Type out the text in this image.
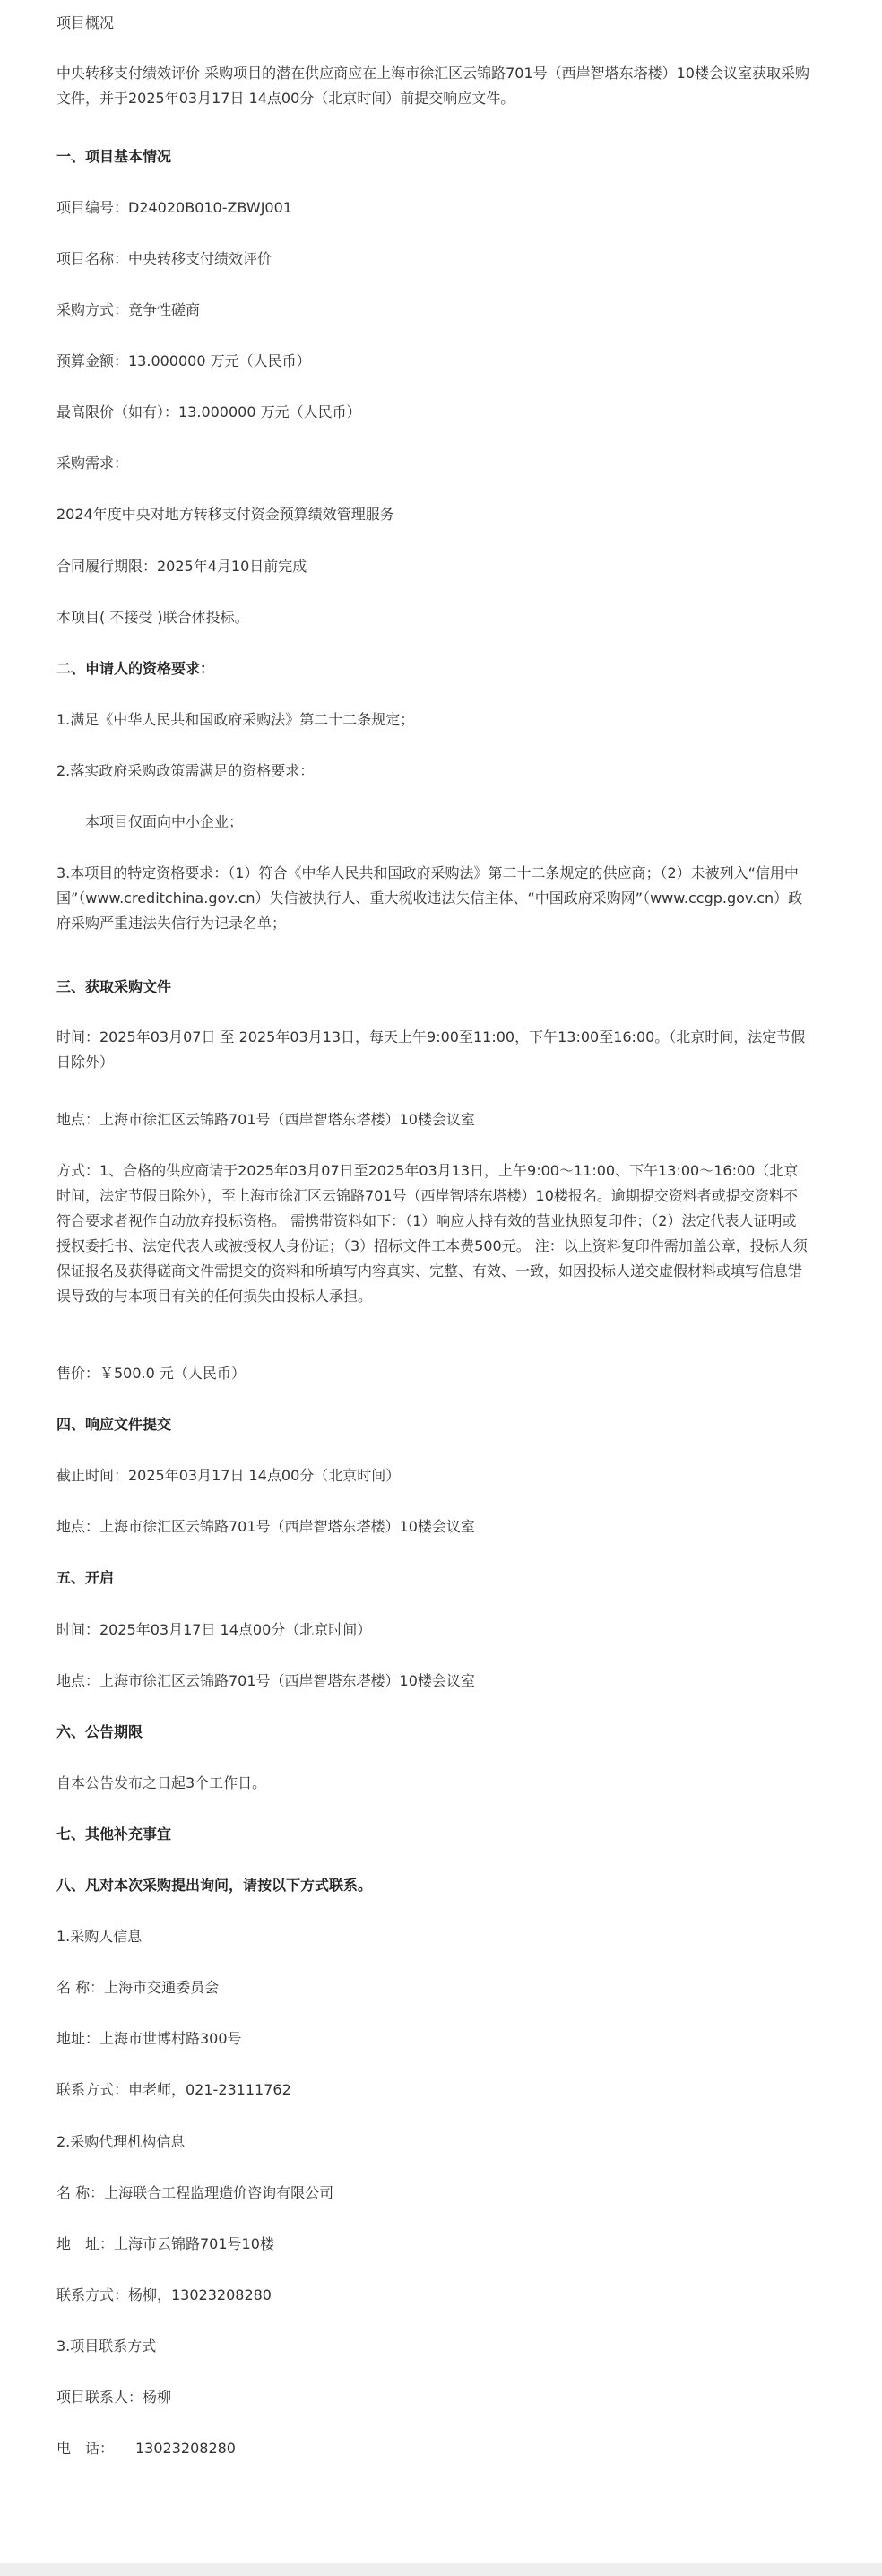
项目概况

中央转移支付绩效评价 采购项目的潜在供应商应在上海市徐汇区云锦路701号（西岸智塔东塔楼）10楼会议室获取采购文件，并于2025年03月17日 14点00分（北京时间）前提交响应文件。

一、项目基本情况

项目编号：D24020B010-ZBWJ001

项目名称：中央转移支付绩效评价

采购方式：竞争性磋商

预算金额：13.000000 万元（人民币）

最高限价（如有）：13.000000 万元（人民币）

采购需求：

2024年度中央对地方转移支付资金预算绩效管理服务

合同履行期限：2025年4月10日前完成

本项目( 不接受 )联合体投标。

二、申请人的资格要求：

1.满足《中华人民共和国政府采购法》第二十二条规定；

2.落实政府采购政策需满足的资格要求：

本项目仅面向中小企业；

3.本项目的特定资格要求：（1）符合《中华人民共和国政府采购法》第二十二条规定的供应商；（2）未被列入“信用中国”（www.creditchina.gov.cn）失信被执行人、重大税收违法失信主体、“中国政府采购网”（www.ccgp.gov.cn）政府采购严重违法失信行为记录名单；

三、获取采购文件

时间：2025年03月07日 至 2025年03月13日，每天上午9:00至11:00，下午13:00至16:00。（北京时间，法定节假日除外）

地点：上海市徐汇区云锦路701号（西岸智塔东塔楼）10楼会议室

方式：1、合格的供应商请于2025年03月07日至2025年03月13日，上午9:00～11:00、下午13:00～16:00（北京时间，法定节假日除外），至上海市徐汇区云锦路701号（西岸智塔东塔楼）10楼报名。逾期提交资料者或提交资料不符合要求者视作自动放弃投标资格。 需携带资料如下：（1）响应人持有效的营业执照复印件；（2）法定代表人证明或授权委托书、法定代表人或被授权人身份证；（3）招标文件工本费500元。 注：以上资料复印件需加盖公章，投标人须保证报名及获得磋商文件需提交的资料和所填写内容真实、完整、有效、一致，如因投标人递交虚假材料或填写信息错误导致的与本项目有关的任何损失由投标人承担。

售价：￥500.0 元（人民币）

四、响应文件提交

截止时间：2025年03月17日 14点00分（北京时间）

地点：上海市徐汇区云锦路701号（西岸智塔东塔楼）10楼会议室

五、开启

时间：2025年03月17日 14点00分（北京时间）

地点：上海市徐汇区云锦路701号（西岸智塔东塔楼）10楼会议室

六、公告期限

自本公告发布之日起3个工作日。

七、其他补充事宜
八、凡对本次采购提出询问，请按以下方式联系。

1.采购人信息

名 称：上海市交通委员会

地址：上海市世博村路300号

联系方式：申老师，021-23111762

2.采购代理机构信息

名 称：上海联合工程监理造价咨询有限公司

地　址：上海市云锦路701号10楼

联系方式：杨柳，13023208280

3.项目联系方式

项目联系人：杨柳

电　话：　　13023208280
